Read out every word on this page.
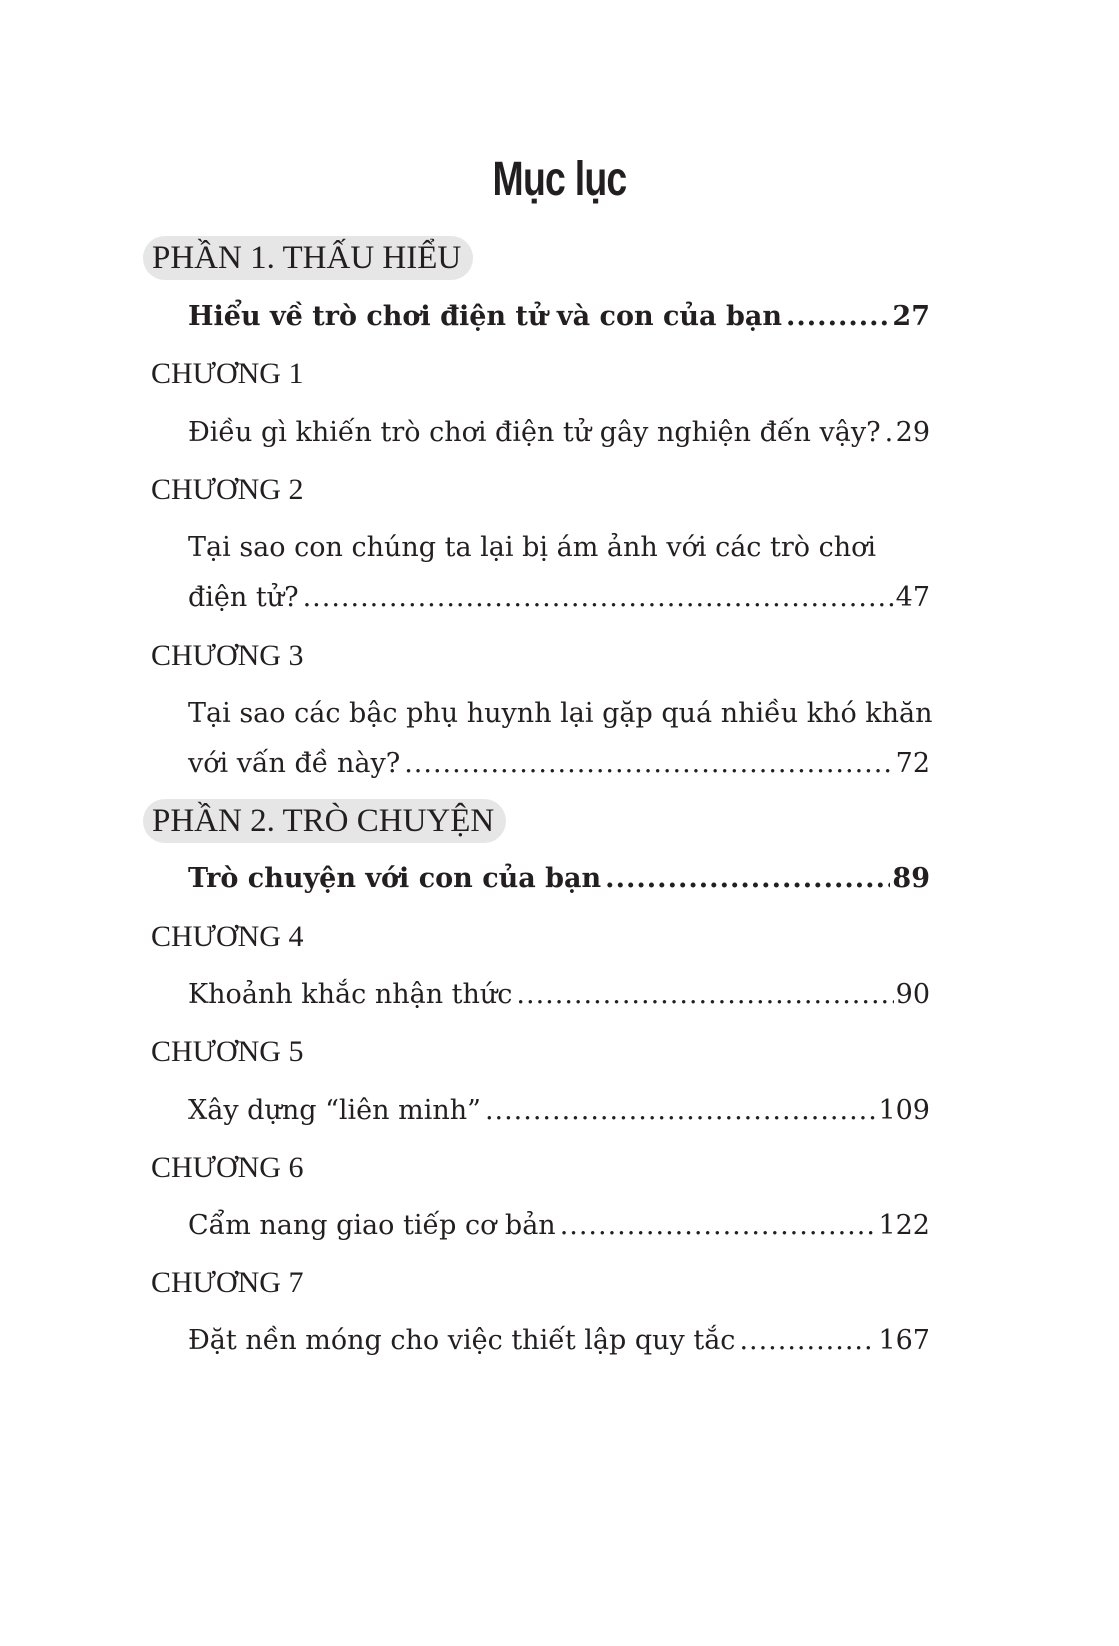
Mục lục
PHẦN 1. THẤU HIỂU
Hiểu về trò chơi điện tử và con của bạn .....	27
CHƯƠNG 1
Điều gì khiến trò chơi điện tử gây nghiện đến vậy? ..... 29
CHƯƠNG 2
Tại sao con chúng ta lại bị ám ảnh với các trò chơi
điện tử? .....	47
CHƯƠNG 3
Tại sao các bậc phụ huynh lại gặp quá nhiều khó khăn
với vấn đề này? .....	72
PHẦN 2. TRÒ CHUYỆN
Trò chuyện với con của bạn .....	89
CHƯƠNG 4
Khoảnh khắc nhận thức .....	90
CHƯƠNG 5
Xây dựng “liên minh” .....	109
CHƯƠNG 6
Cẩm nang giao tiếp cơ bản .....	122
CHƯƠNG 7
Đặt nền móng cho việc thiết lập quy tắc .....	167
